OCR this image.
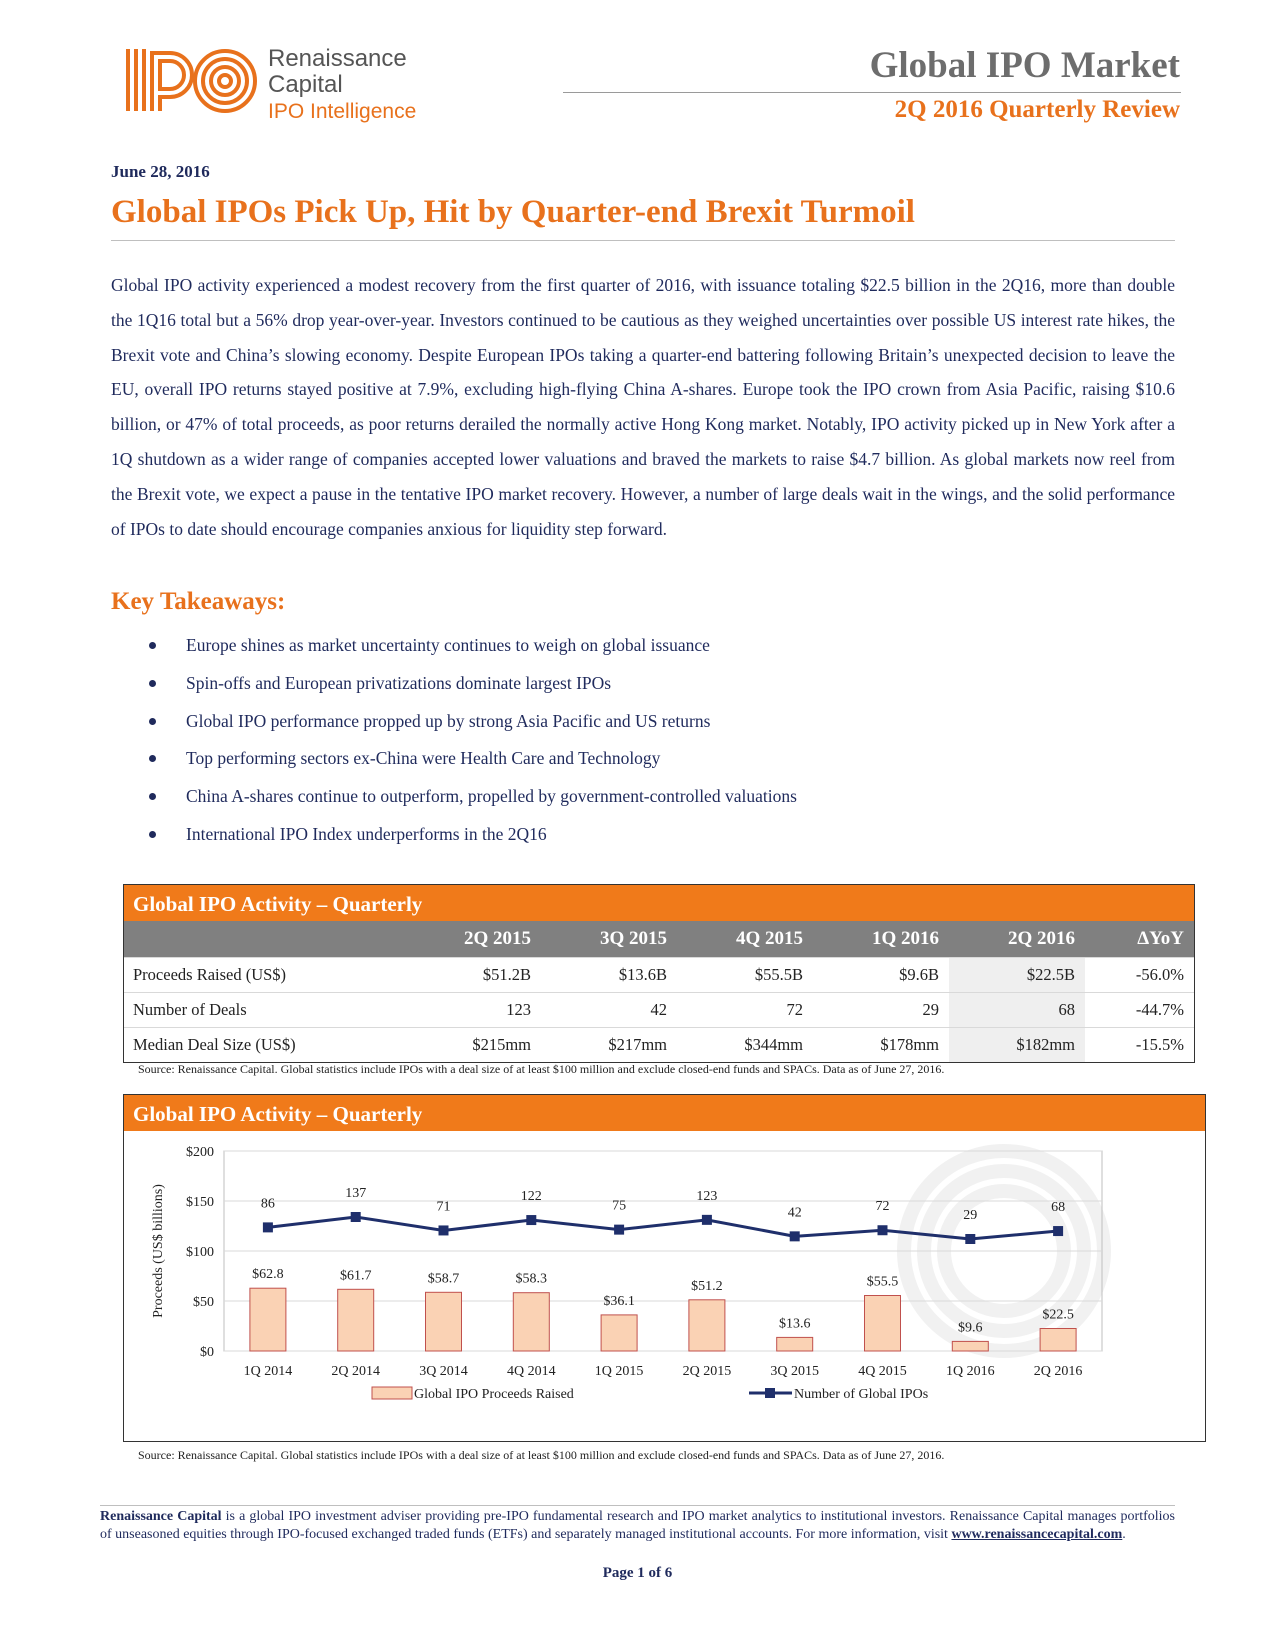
Renaissance
Capital
IPO Intelligence
Global IPO Market
2Q 2016 Quarterly Review
June 28, 2016
Global IPOs Pick Up, Hit by Quarter-end Brexit Turmoil
Global IPO activity experienced a modest recovery from the first quarter of 2016, with issuance totaling $22.5 billion in the 2Q16, more than double the 1Q16 total but a 56% drop year-over-year. Investors continued to be cautious as they weighed uncertainties over possible US interest rate hikes, the Brexit vote and China’s slowing economy. Despite European IPOs taking a quarter-end battering following Britain’s unexpected decision to leave the EU, overall IPO returns stayed positive at 7.9%, excluding high-flying China A-shares. Europe took the IPO crown from Asia Pacific, raising $10.6 billion, or 47% of total proceeds, as poor returns derailed the normally active Hong Kong market. Notably, IPO activity picked up in New York after a 1Q shutdown as a wider range of companies accepted lower valuations and braved the markets to raise $4.7 billion. As global markets now reel from the Brexit vote, we expect a pause in the tentative IPO market recovery. However, a number of large deals wait in the wings, and the solid performance of IPOs to date should encourage companies anxious for liquidity step forward.
Key Takeaways:
Europe shines as market uncertainty continues to weigh on global issuance
Spin-offs and European privatizations dominate largest IPOs
Global IPO performance propped up by strong Asia Pacific and US returns
Top performing sectors ex-China were Health Care and Technology
China A-shares continue to outperform, propelled by government-controlled valuations
International IPO Index underperforms in the 2Q16
Global IPO Activity – Quarterly
	2Q 2015	3Q 2015	4Q 2015	1Q 2016	2Q 2016	ΔYoY
Proceeds Raised (US$)	$51.2B	$13.6B	$55.5B	$9.6B	$22.5B	-56.0%
Number of Deals	123	42	72	29	68	-44.7%
Median Deal Size (US$)	$215mm	$217mm	$344mm	$178mm	$182mm	-15.5%
Source: Renaissance Capital. Global statistics include IPOs with a deal size of at least $100 million and exclude closed-end funds and SPACs. Data as of June 27, 2016.
Global IPO Activity – Quarterly
$0
$50
$100
$150
$200
Proceeds (US$ billions)	$62.8
1Q 2014
$61.7
2Q 2014
$58.7
3Q 2014
$58.3
4Q 2014
$36.1
1Q 2015
$51.2
2Q 2015
$13.6
3Q 2015
$55.5
4Q 2015
$9.6
1Q 2016
$22.5
2Q 2016
86
137
71
122
75
123
42	72
29
68
Global IPO Proceeds Raised	Number of Global IPOs
Source: Renaissance Capital. Global statistics include IPOs with a deal size of at least $100 million and exclude closed-end funds and SPACs. Data as of June 27, 2016.
Renaissance Capital is a global IPO investment adviser providing pre-IPO fundamental research and IPO market analytics to institutional investors. Renaissance Capital manages portfolios of unseasoned equities through IPO-focused exchanged traded funds (ETFs) and separately managed institutional accounts. For more information, visit www.renaissancecapital.com.
Page 1 of 6
